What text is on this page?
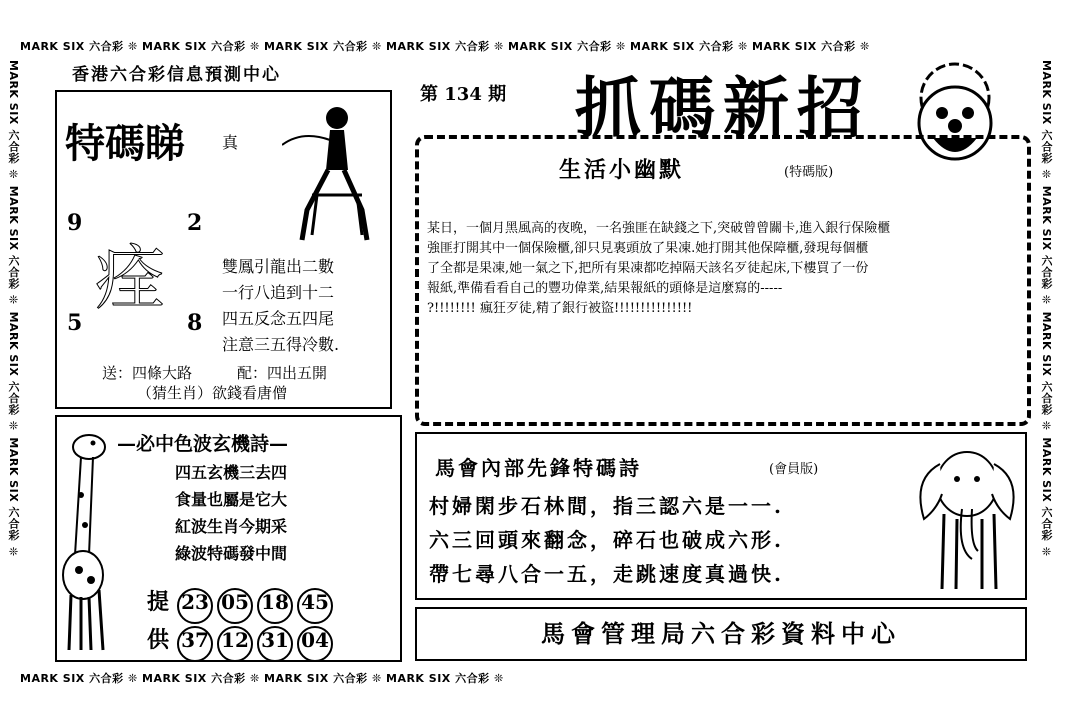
MARK SIX 六合彩 ❊ MARK SIX 六合彩 ❊ MARK SIX 六合彩 ❊ MARK SIX 六合彩 ❊ MARK SIX 六合彩 ❊ MARK SIX 六合彩 ❊ MARK SIX 六合彩 ❊
MARK SIX 六合彩 ❊ MARK SIX 六合彩 ❊ MARK SIX 六合彩 ❊ MARK SIX 六合彩 ❊
MARK SIX 六合彩 ❊ MARK SIX 六合彩 ❊ MARK SIX 六合彩 ❊ MARK SIX 六合彩 ❊
MARK SIX 六合彩 ❊ MARK SIX 六合彩 ❊ MARK SIX 六合彩 ❊ MARK SIX 六合彩 ❊
香港六合彩信息預測中心
第 134 期 抓碼新招
特碼睇 真
9	2
5	8
痊	雙鳳引龍出二數
一行八追到十二
四五反念五四尾
注意三五得冷數.
送：四條大路	配：四出五開
（猜生肖）欲錢看唐僧
—必中色波玄機詩—
四五玄機三去四
食量也屬是它大
紅波生肖今期采
綠波特碼發中間
提 23 05 18 45
供 37 12 31 04
生活小幽默	(特碼版)
某日，一個月黑風高的夜晚，一名強匪在缺錢之下,突破曾曾關卡,進入銀行保險櫃
強匪打開其中一個保險櫃,卻只見裏頭放了果凍.她打開其他保障櫃,發現每個櫃
了全都是果凍,她一氣之下,把所有果凍都吃掉隔天該名歹徒起床,下樓買了一份
報紙,準備看看自己的豐功偉業,結果報紙的頭條是這麼寫的-----
?!!!!!!!! 瘋狂歹徒,精了銀行被盜!!!!!!!!!!!!!!!
馬會內部先鋒特碼詩	(會員版)
村婦閑步石林間，指三認六是一一.
六三回頭來翻念，碎石也破成六形.
帶七尋八合一五，走跳速度真過快.
馬會管理局六合彩資料中心
